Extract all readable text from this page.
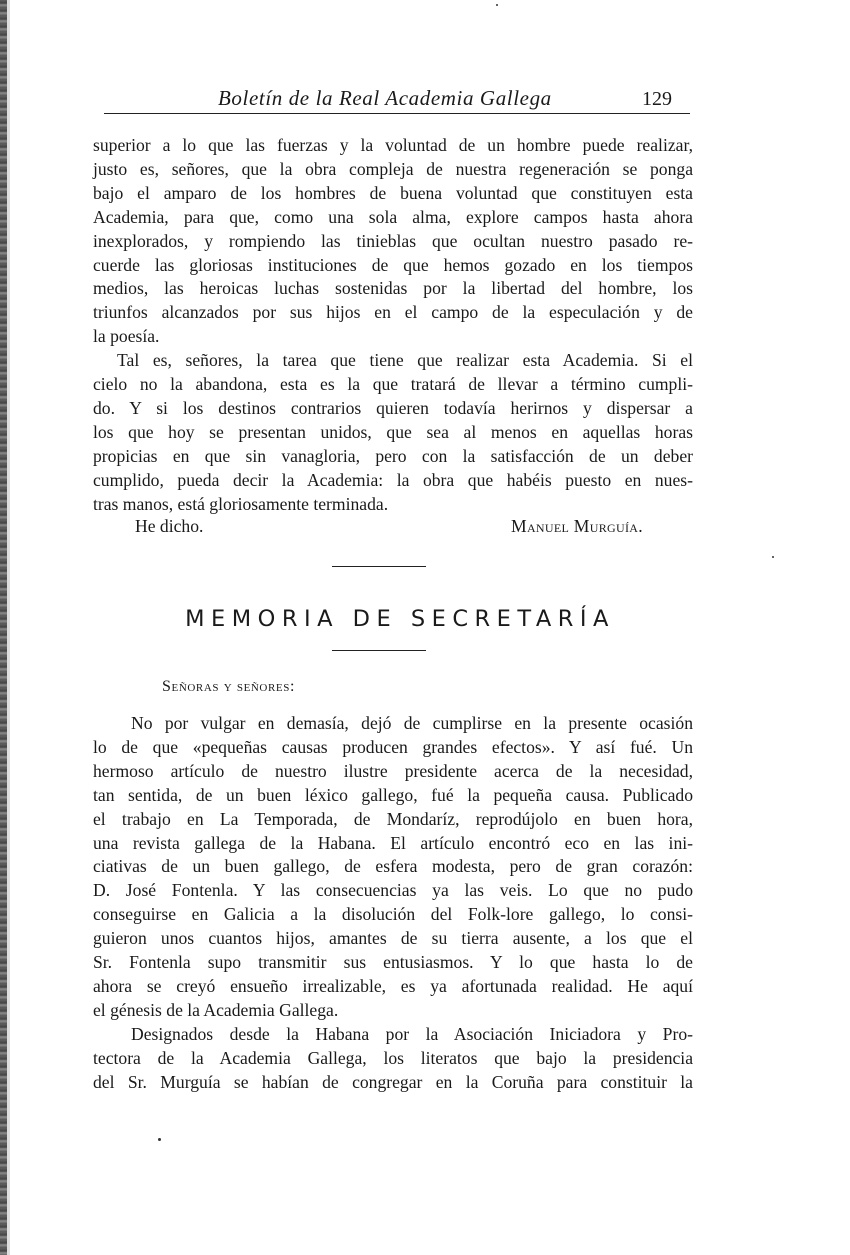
Boletín de la Real Academia Gallega	129

superior a lo que las fuerzas y la voluntad de un hombre puede realizar,
justo es, señores, que la obra compleja de nuestra regeneración se ponga
bajo el amparo de los hombres de buena voluntad que constituyen esta
Academia, para que, como una sola alma, explore campos hasta ahora
inexplorados, y rompiendo las tinieblas que ocultan nuestro pasado re-
cuerde las gloriosas instituciones de que hemos gozado en los tiempos
medios, las heroicas luchas sostenidas por la libertad del hombre, los
triunfos alcanzados por sus hijos en el campo de la especulación y de
la poesía.

Tal es, señores, la tarea que tiene que realizar esta Academia. Si el
cielo no la abandona, esta es la que tratará de llevar a término cumpli-
do. Y si los destinos contrarios quieren todavía herirnos y dispersar a
los que hoy se presentan unidos, que sea al menos en aquellas horas
propicias en que sin vanagloria, pero con la satisfacción de un deber
cumplido, pueda decir la Academia: la obra que habéis puesto en nues-
tras manos, está gloriosamente terminada.

He dicho.	Manuel Murguía.
MEMORIA DE SECRETARÍA
Señoras y señores:

No por vulgar en demasía, dejó de cumplirse en la presente ocasión
lo de que «pequeñas causas producen grandes efectos». Y así fué. Un
hermoso artículo de nuestro ilustre presidente acerca de la necesidad,
tan sentida, de un buen léxico gallego, fué la pequeña causa. Publicado
el trabajo en La Temporada, de Mondaríz, reprodújolo en buen hora,
una revista gallega de la Habana. El artículo encontró eco en las ini-
ciativas de un buen gallego, de esfera modesta, pero de gran corazón:
D. José Fontenla. Y las consecuencias ya las veis. Lo que no pudo
conseguirse en Galicia a la disolución del Folk-lore gallego, lo consi-
guieron unos cuantos hijos, amantes de su tierra ausente, a los que el
Sr. Fontenla supo transmitir sus entusiasmos. Y lo que hasta lo de
ahora se creyó ensueño irrealizable, es ya afortunada realidad. He aquí
el génesis de la Academia Gallega.

Designados desde la Habana por la Asociación Iniciadora y Pro-
tectora de la Academia Gallega, los literatos que bajo la presidencia
del Sr. Murguía se habían de congregar en la Coruña para constituir la
